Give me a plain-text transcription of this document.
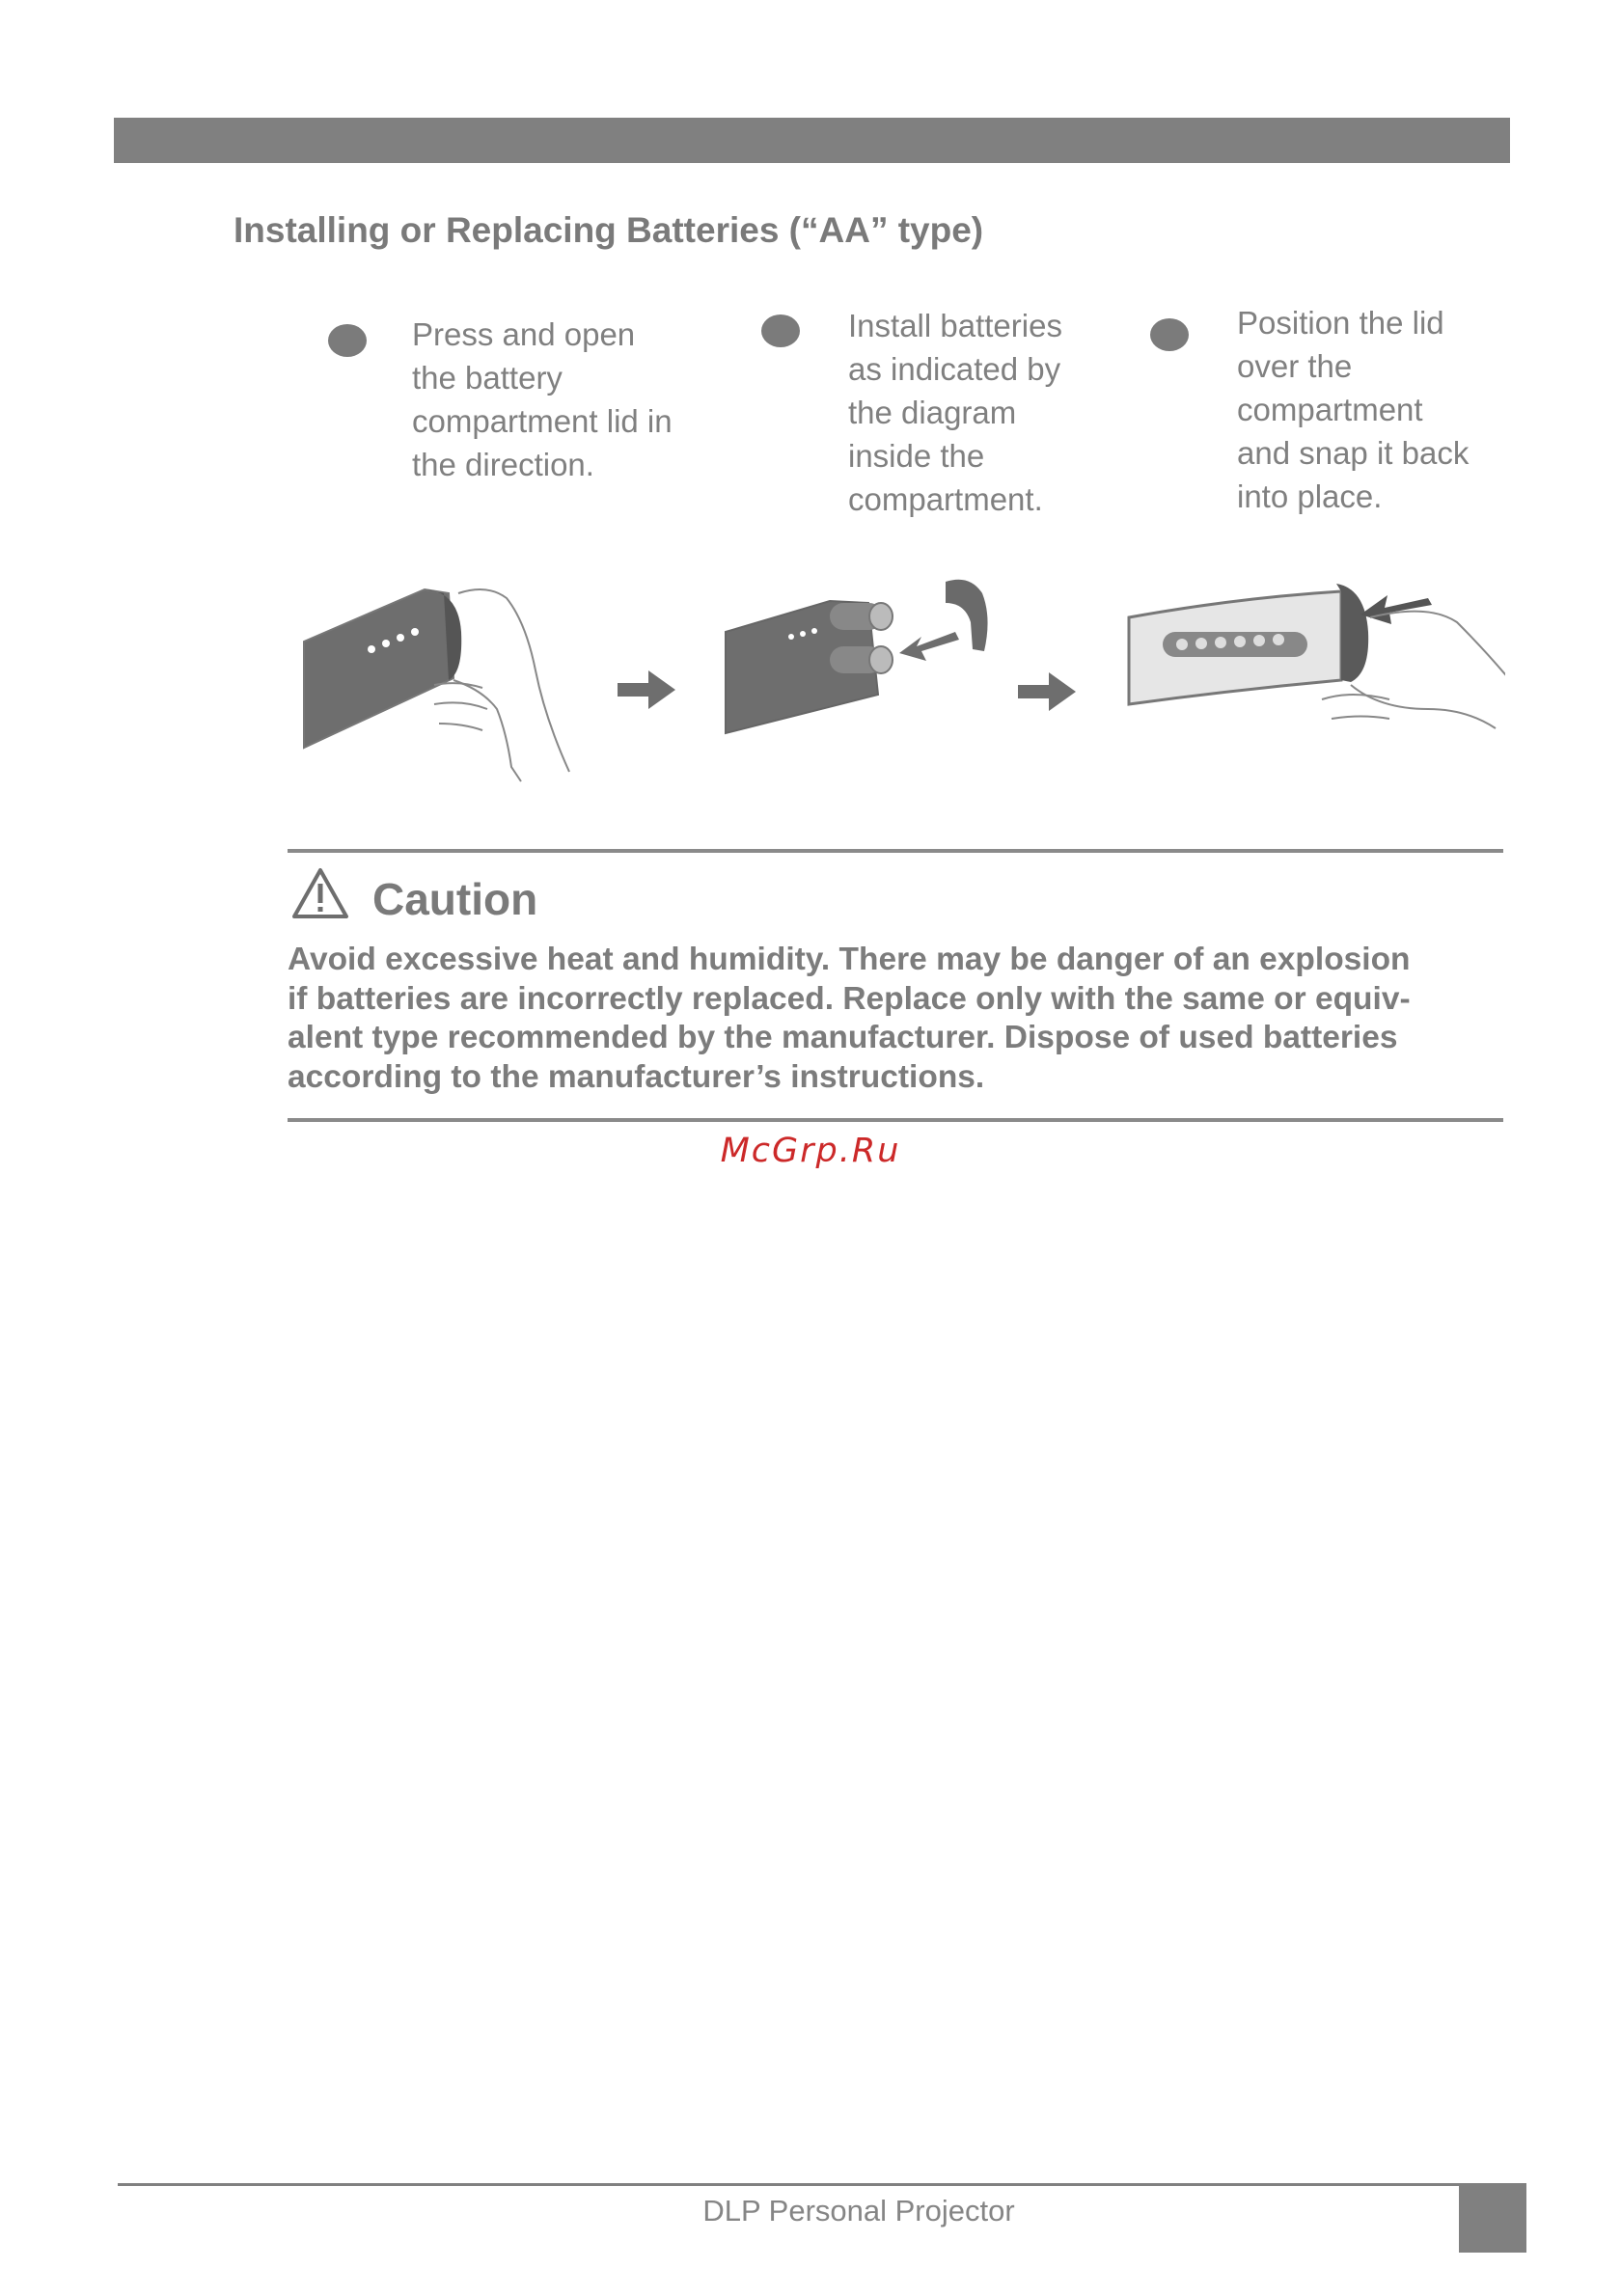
Installing or Replacing Batteries (“AA” type)
Press and open
the battery
compartment lid in
the direction.
Install batteries
as indicated by
the diagram
inside the
compartment.
Position the lid
over the
compartment
and snap it back
into place.
Caution
Avoid excessive heat and humidity. There may be danger of an explosion
if batteries are incorrectly replaced. Replace only with the same or equiv-
alent type recommended by the manufacturer. Dispose of used batteries
according to the manufacturer’s instructions.
McGrp.Ru
DLP Personal Projector
